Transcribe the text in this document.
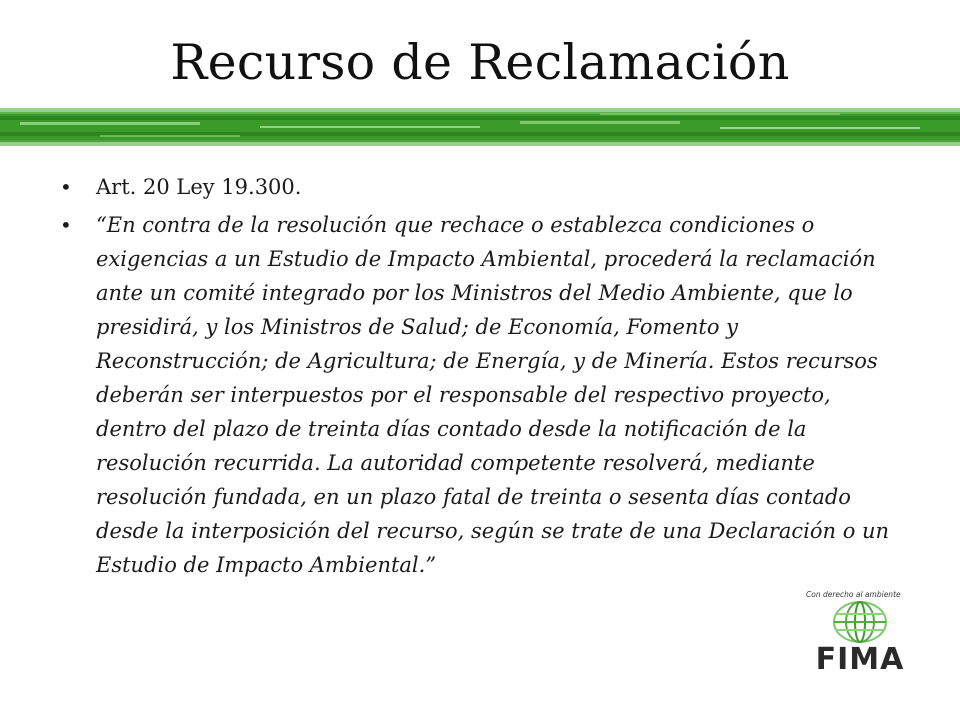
Recurso de Reclamación
• Art. 20 Ley 19.300.
• “En contra de la resolución que rechace o establezca condiciones o exigencias a un Estudio de Impacto Ambiental, procederá la reclamación ante un comité integrado por los Ministros del Medio Ambiente, que lo presidirá, y los Ministros de Salud; de Economía, Fomento y Reconstrucción; de Agricultura; de Energía, y de Minería. Estos recursos deberán ser interpuestos por el responsable del respectivo proyecto, dentro del plazo de treinta días contado desde la notificación de la resolución recurrida. La autoridad competente resolverá, mediante resolución fundada, en un plazo fatal de treinta o sesenta días contado desde la interposición del recurso, según se trate de una Declaración o un Estudio de Impacto Ambiental.”
Con derecho al ambiente
FIMA
